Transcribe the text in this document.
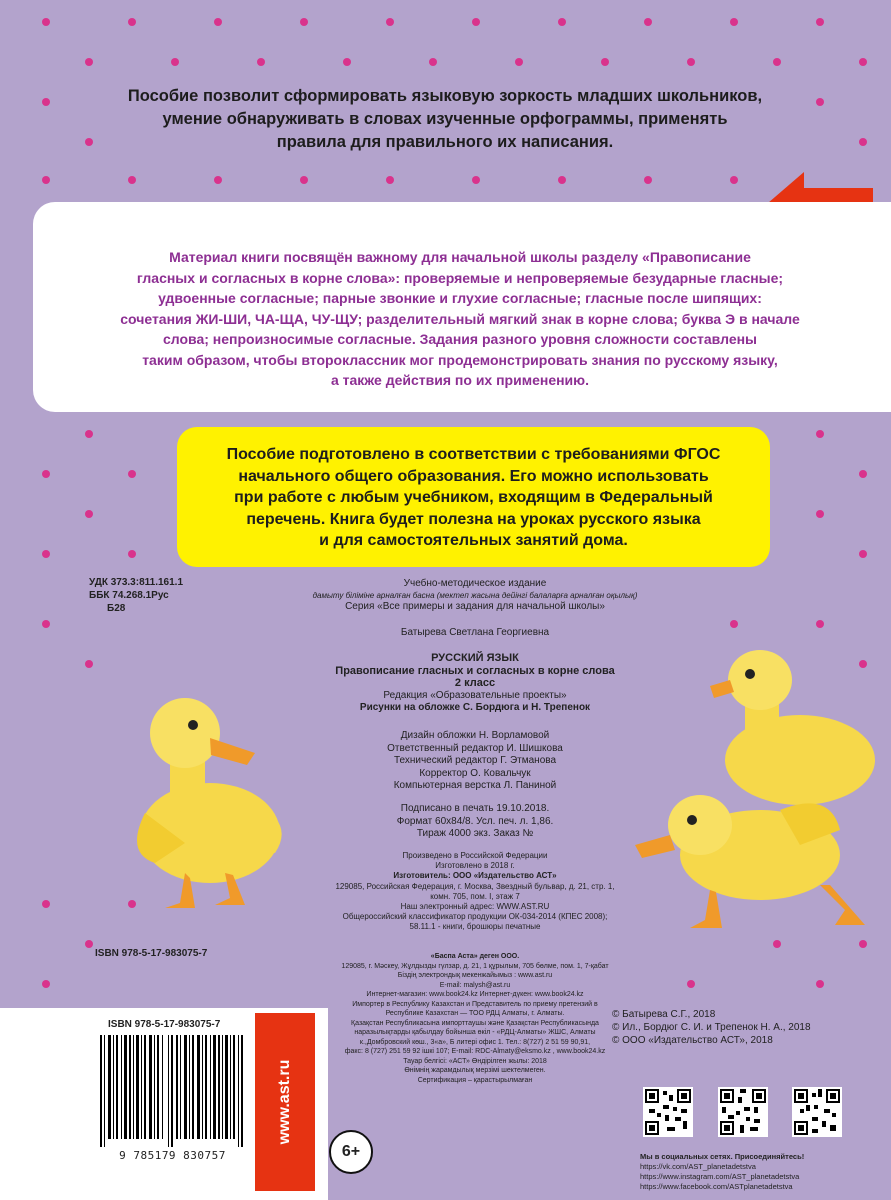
Пособие позволит сформировать языковую зоркость младших школьников,
умение обнаруживать в словах изученные орфограммы, применять
правила для правильного их написания.
Материал книги посвящён важному для начальной школы разделу «Правописание
гласных и согласных в корне слова»: проверяемые и непроверяемые безударные гласные;
удвоенные согласные; парные звонкие и глухие согласные; гласные после шипящих:
сочетания ЖИ-ШИ, ЧА-ЩА, ЧУ-ЩУ; разделительный мягкий знак в корне слова; буква Э в начале
слова; непроизносимые согласные. Задания разного уровня сложности составлены
таким образом, чтобы второклассник мог продемонстрировать знания по русскому языку,
а также действия по их применению.
Пособие подготовлено в соответствии с требованиями ФГОС
начального общего образования. Его можно использовать
при работе с любым учебником, входящим в Федеральный
перечень. Книга будет полезна на уроках русского языка
и для самостоятельных занятий дома.
УДК 373.3:811.161.1
ББК 74.268.1Рус
Б28
Учебно-методическое издание
дамыту бiлiмiне арналған басна (мектеп жасына дейiнгi балаларға арналған оқылық)
Серия «Все примеры и задания для начальной школы»
Батырева Светлана Георгиевна
РУССКИЙ ЯЗЫК
Правописание гласных и согласных в корне слова
2 класс
Редакция «Образовательные проекты»
Рисунки на обложке С. Бордюга и Н. Трепенок
Дизайн обложки Н. Ворламовой
Ответственный редактор И. Шишкова
Технический редактор Г. Этманова
Корректор О. Ковальчук
Компьютерная верстка Л. Паниной
Подписано в печать 19.10.2018.
Формат 60x84/8. Усл. печ. л. 1,86.
Тираж 4000 экз. Заказ №
Произведено в Российской Федерации
Изготовлено в 2018 г.
Изготовитель: ООО «Издательство АСТ»
129085, Российская Федерация, г. Москва, Звездный бульвар, д. 21, стр. 1,
комн. 705, пом. I, этаж 7
Наш электронный адрес: WWW.AST.RU
Общероссийский классификатор продукции ОК-034-2014 (КПЕС 2008);
58.11.1 - книги, брошюры печатные
«Баспа Аста» деген ООО.
129085, г. Мәскеу, Жұлдызды гүлзар, д. 21, 1 құрылым, 705 бөлме, пом. 1, 7-қабат
Біздің электрондық мекенжайымыз : www.ast.ru
E-mail: malysh@ast.ru
Интернет-магазин: www.book24.kz Интернет-дүкен: www.book24.kz
Импортер в Республику Казахстан и Представитель по приему претензий в
Республике Казахстан — ТОО РДЦ Алматы, г. Алматы.
Қазақстан Республикасына импорттаушы және Қазақстан Республикасында
наразылықтарды қабылдау бойынша өкіл - «РДЦ-Алматы» ЖШС, Алматы
к.,Домбровский көш., 3«а», Б литері офис 1. Тел.: 8(727) 2 51 59 90,91,
факс: 8 (727) 251 59 92 ішкі 107; E-mail: RDC-Almaty@eksmo.kz , www.book24.kz
Тауар белгісі: «АСТ» Өндірілген жылы: 2018
Өнімнің жарамдылық мерзімі шектелмеген.
Сертификация – қарастырылмаған
ISBN 978-5-17-983075-7
ISBN 978-5-17-983075-7
9 785179 830757
www.ast.ru
6+
© Батырева С.Г., 2018
© Ил., Бордюг С. И. и Трепенок Н. А., 2018
© ООО «Издательство АСТ», 2018
Мы в социальных сетях. Присоединяйтесь!
https://vk.com/AST_planetadetstva
https://www.instagram.com/AST_planetadetstva
https://www.facebook.com/ASTplanetadetstva
